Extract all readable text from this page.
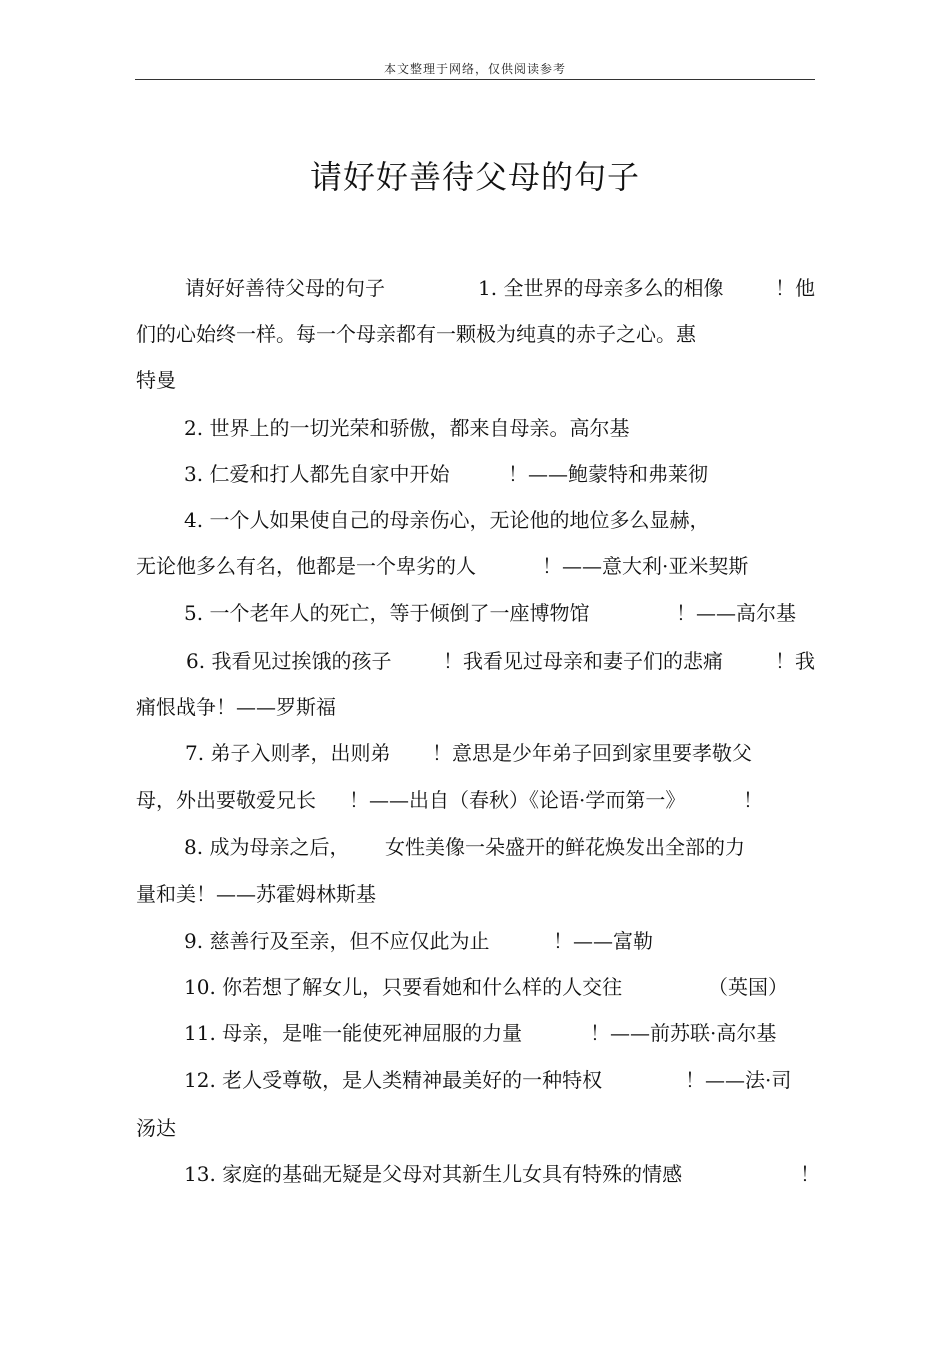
本文整理于网络，仅供阅读参考
请好好善待父母的句子
请好好善待父母的句子	1. 全世界的母亲多么的相像	！他
们的心始终一样。每一个母亲都有一颗极为纯真的赤子之心。惠
特曼
2. 世界上的一切光荣和骄傲，都来自母亲。高尔基
3. 仁爱和打人都先自家中开始	！——鲍蒙特和弗莱彻
4. 一个人如果使自己的母亲伤心，无论他的地位多么显赫，
无论他多么有名，他都是一个卑劣的人	！——意大利·亚米契斯
5. 一个老年人的死亡，等于倾倒了一座博物馆	！——高尔基
6. 我看见过挨饿的孩子	！我看见过母亲和妻子们的悲痛	！我
痛恨战争！——罗斯福
7. 弟子入则孝，出则弟 ！意思是少年弟子回到家里要孝敬父
母，外出要敬爱兄长 ！——出自（春秋）《论语·学而第一》	！
8. 成为母亲之后， 女性美像一朵盛开的鲜花焕发出全部的力
量和美！——苏霍姆林斯基
9. 慈善行及至亲，但不应仅此为止	！——富勒
10. 你若想了解女儿，只要看她和什么样的人交往	（英国）
11. 母亲，是唯一能使死神屈服的力量	！——前苏联·高尔基
12. 老人受尊敬，是人类精神最美好的一种特权	！——法·司
汤达
13. 家庭的基础无疑是父母对其新生儿女具有特殊的情感	！
